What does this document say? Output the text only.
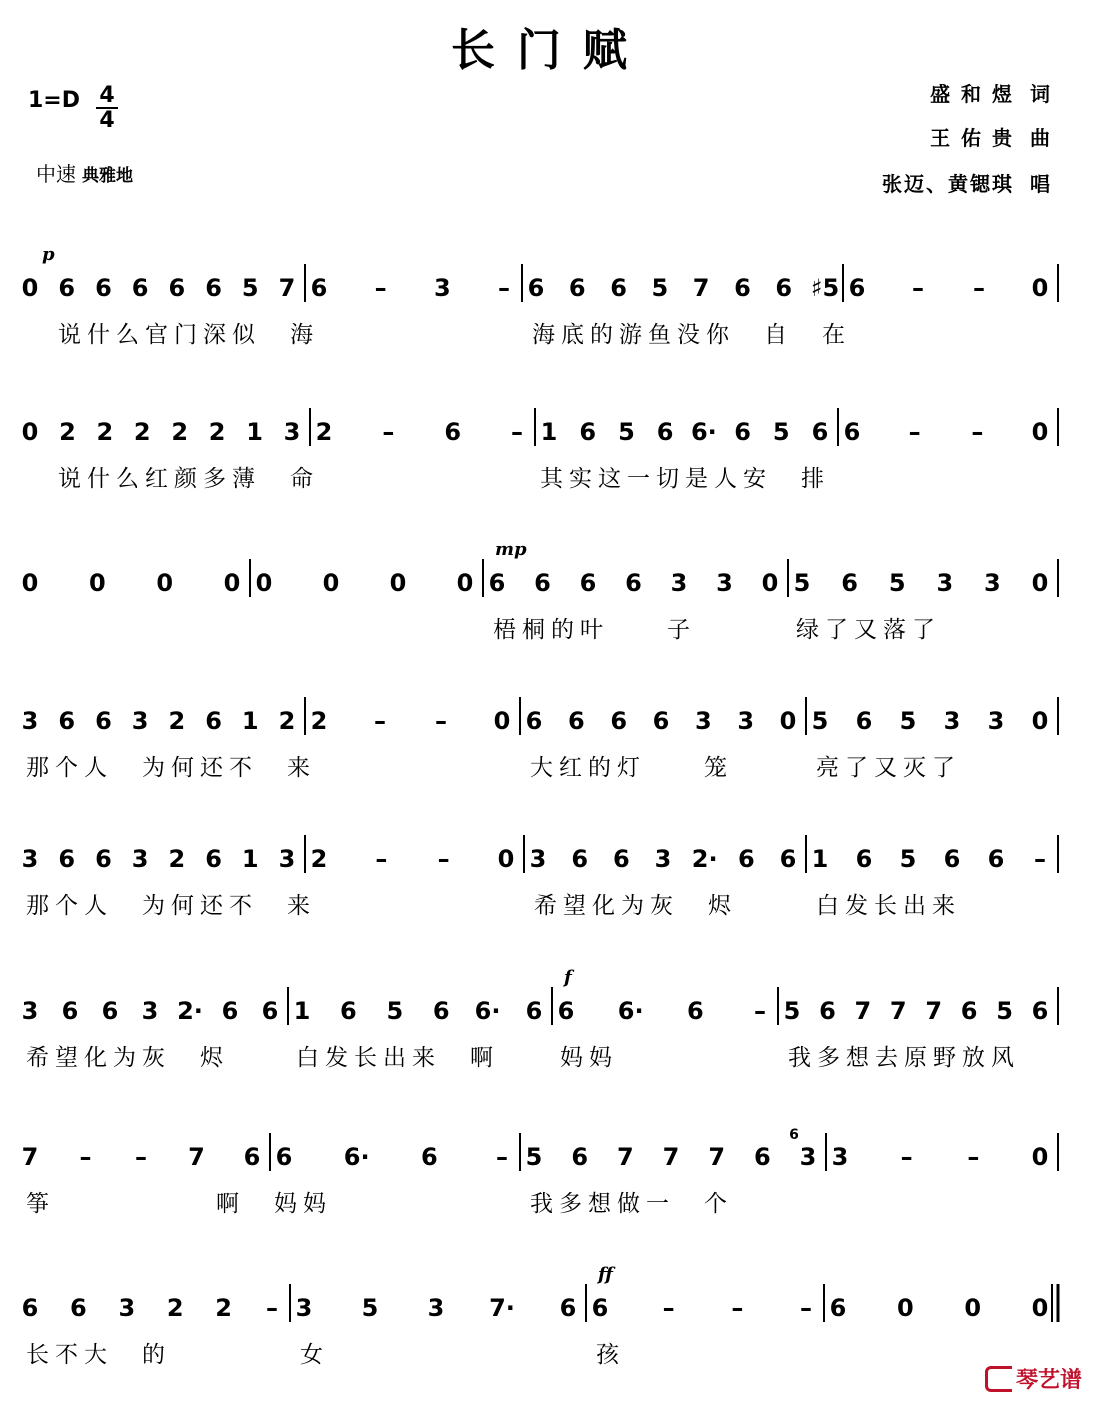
长门赋
1=D 4
4
中速 典雅地
盛 和 煜 词
王 佑 贵 曲
张迈、黄锶琪 唱
0 6 6 6 6 6 5 7 6 – 3 – 6 6 6 5 7 6 6 ♯5 6 – – 0
p
0 2 2 2 2 2 1 3 2 – 6 – 1 6 5 6 6· 6 5 6 6 – – 0
0 0 0 0 0 0 0 0 6 6 6 6 3 3 0 5 6 5 3 3 0
mp
3 6 6 3 2 6 1 2 2 – – 0 6 6 6 6 3 3 0 5 6 5 3 3 0
3 6 6 3 2 6 1 3 2 – – 0 3 6 6 3 2· 6 6 1 6 5 6 6 –
3 6 6 3 2· 6 6 1 6 5 6 6· 6 6 6· 6 – 5 6 7 7 7 6 5 6
f
7 – – 7 6 6 6· 6 – 5 6 7 7 7 6 3
6
3 – – 0
6 6 3 2 2 – 3 5 3 7· 6 6 – – – 6 0 0 0
ff
说什么官门深似　海	海底的游鱼没你　自　在
说什么红颜多薄　命	其实这一切是人安　排
梧桐的叶　　子	绿了又落了
那个人　为何还不　来	大红的灯　　笼	亮了又灭了
那个人　为何还不　来	希望化为灰　烬	白发长出来
希望化为灰　烬	白发长出来　啊	妈妈	我多想去原野放风
筝	啊　妈妈	我多想做一　个
长不大　的	女	孩
琴艺谱
